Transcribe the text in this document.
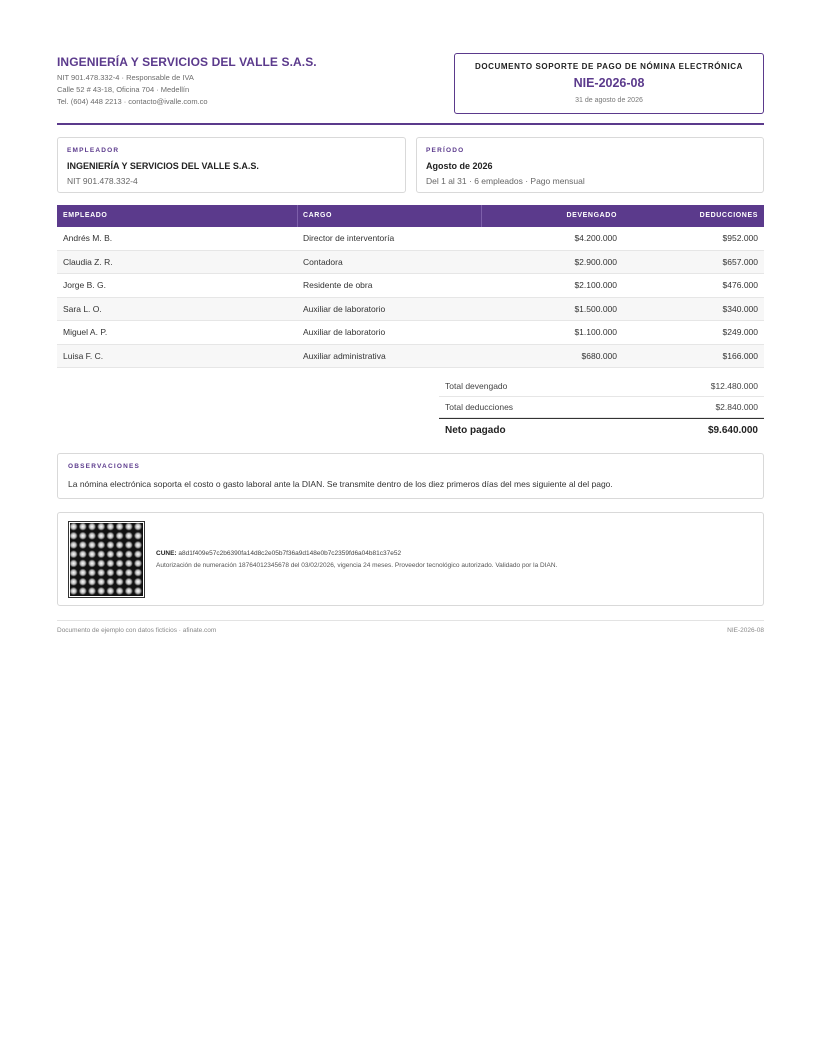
INGENIERÍA Y SERVICIOS DEL VALLE S.A.S.
NIT 901.478.332-4 · Responsable de IVA
Calle 52 # 43-18, Oficina 704 · Medellín
Tel. (604) 448 2213 · contacto@ivalle.com.co
DOCUMENTO SOPORTE DE PAGO DE NÓMINA ELECTRÓNICA
NIE-2026-08
31 de agosto de 2026
EMPLEADOR
INGENIERÍA Y SERVICIOS DEL VALLE S.A.S.
NIT 901.478.332-4
PERÍODO
Agosto de 2026
Del 1 al 31 · 6 empleados · Pago mensual
EMPLEADO	CARGO	DEVENGADO	DEDUCCIONES
Andrés M. B.	Director de interventoría	$4.200.000	$952.000
Claudia Z. R.	Contadora	$2.900.000	$657.000
Jorge B. G.	Residente de obra	$2.100.000	$476.000
Sara L. O.	Auxiliar de laboratorio	$1.500.000	$340.000
Miguel A. P.	Auxiliar de laboratorio	$1.100.000	$249.000
Luisa F. C.	Auxiliar administrativa	$680.000	$166.000
Total devengado	$12.480.000
Total deducciones	$2.840.000
Neto pagado	$9.640.000
OBSERVACIONES
La nómina electrónica soporta el costo o gasto laboral ante la DIAN. Se transmite dentro de los diez primeros días del mes siguiente al del pago.
CUNE: a8d1f409e57c2b6390fa14d8c2e05b7f36a9d148e0b7c2359fd6a04b81c37e52
Autorización de numeración 18764012345678 del 03/02/2026, vigencia 24 meses. Proveedor tecnológico autorizado. Validado por la DIAN.
Documento de ejemplo con datos ficticios · afinate.com	NIE-2026-08
